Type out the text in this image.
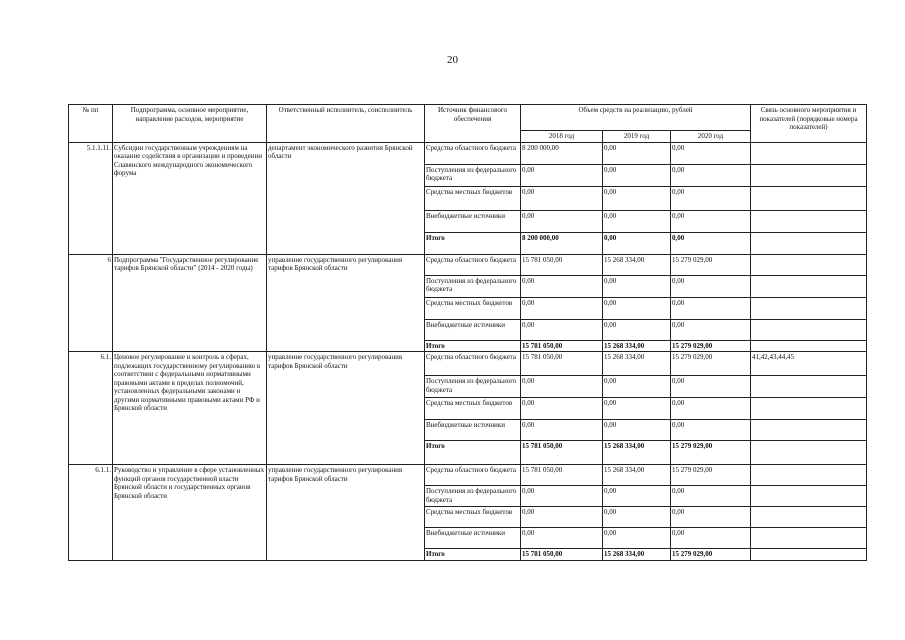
20
№ пп	Подпрограмма, основное мероприятие, направление расходов, мероприятие	Ответственный исполнитель, соисполнитель	Источник финансового обеспечения	Объем средств на реализацию, рублей			Связь основного мероприятия и показателей (порядковые номера показателей)
				2018 год	2019 год	2020 год	
5.1.1.11.	Субсидии государственным учреждениям на оказание содействия в организации и проведении Славянского международного экономического форума	департамент экономического развития Брянской области	Средства областного бюджета	8 200 000,00	0,00	0,00	
			Поступления из федерального бюджета	0,00	0,00	0,00	
			Средства местных бюджетов	0,00	0,00	0,00	
			Внебюджетные источники	0,00	0,00	0,00	
			Итого	8 200 000,00	0,00	0,00	
6	Подпрограмма "Государственное регулирование тарифов Брянской области" (2014 - 2020 годы)	управление государственного регулирования тарифов Брянской области	Средства областного бюджета	15 781 050,00	15 268 334,00	15 279 029,00	
			Поступления из федерального бюджета	0,00	0,00	0,00	
			Средства местных бюджетов	0,00	0,00	0,00	
			Внебюджетные источники	0,00	0,00	0,00	
			Итого	15 781 050,00	15 268 334,00	15 279 029,00	
6.1.	Ценовое регулирование и контроль в сферах, подлежащих государственному регулированию в соответствии с федеральными нормативными правовыми актами в пределах полномочий, установленных федеральными законами и другими нормативными правовыми актами РФ и Брянской области	управление государственного регулирования тарифов Брянской области	Средства областного бюджета	15 781 050,00	15 268 334,00	15 279 029,00	41,42,43,44,45
			Поступления из федерального бюджета	0,00	0,00	0,00	
			Средства местных бюджетов	0,00	0,00	0,00	
			Внебюджетные источники	0,00	0,00	0,00	
			Итого	15 781 050,00	15 268 334,00	15 279 029,00	
6.1.1.	Руководство и управление в сфере установленных функций органов государственной власти Брянской области и государственных органов Брянской области	управление государственного регулирования тарифов Брянской области	Средства областного бюджета	15 781 050,00	15 268 334,00	15 279 029,00	
			Поступления из федерального бюджета	0,00	0,00	0,00	
			Средства местных бюджетов	0,00	0,00	0,00	
			Внебюджетные источники	0,00	0,00	0,00	
			Итого	15 781 050,00	15 268 334,00	15 279 029,00	
